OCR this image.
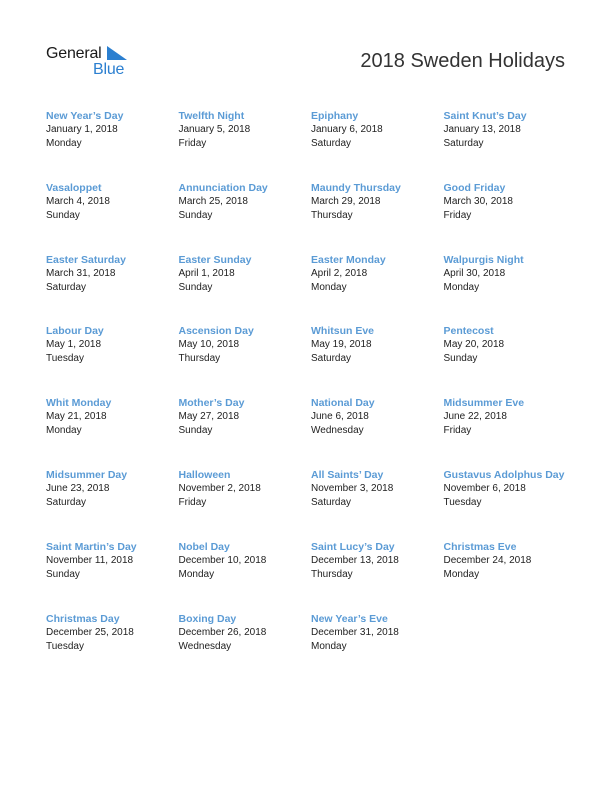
General
Blue	2018 Sweden Holidays
New Year’s Day
January 1, 2018
Monday
Twelfth Night
January 5, 2018
Friday
Epiphany
January 6, 2018
Saturday
Saint Knut’s Day
January 13, 2018
Saturday
Vasaloppet
March 4, 2018
Sunday
Annunciation Day
March 25, 2018
Sunday
Maundy Thursday
March 29, 2018
Thursday
Good Friday
March 30, 2018
Friday
Easter Saturday
March 31, 2018
Saturday
Easter Sunday
April 1, 2018
Sunday
Easter Monday
April 2, 2018
Monday
Walpurgis Night
April 30, 2018
Monday
Labour Day
May 1, 2018
Tuesday
Ascension Day
May 10, 2018
Thursday
Whitsun Eve
May 19, 2018
Saturday
Pentecost
May 20, 2018
Sunday
Whit Monday
May 21, 2018
Monday
Mother’s Day
May 27, 2018
Sunday
National Day
June 6, 2018
Wednesday
Midsummer Eve
June 22, 2018
Friday
Midsummer Day
June 23, 2018
Saturday
Halloween
November 2, 2018
Friday
All Saints’ Day
November 3, 2018
Saturday
Gustavus Adolphus Day
November 6, 2018
Tuesday
Saint Martin’s Day
November 11, 2018
Sunday
Nobel Day
December 10, 2018
Monday
Saint Lucy’s Day
December 13, 2018
Thursday
Christmas Eve
December 24, 2018
Monday
Christmas Day
December 25, 2018
Tuesday
Boxing Day
December 26, 2018
Wednesday
New Year’s Eve
December 31, 2018
Monday
